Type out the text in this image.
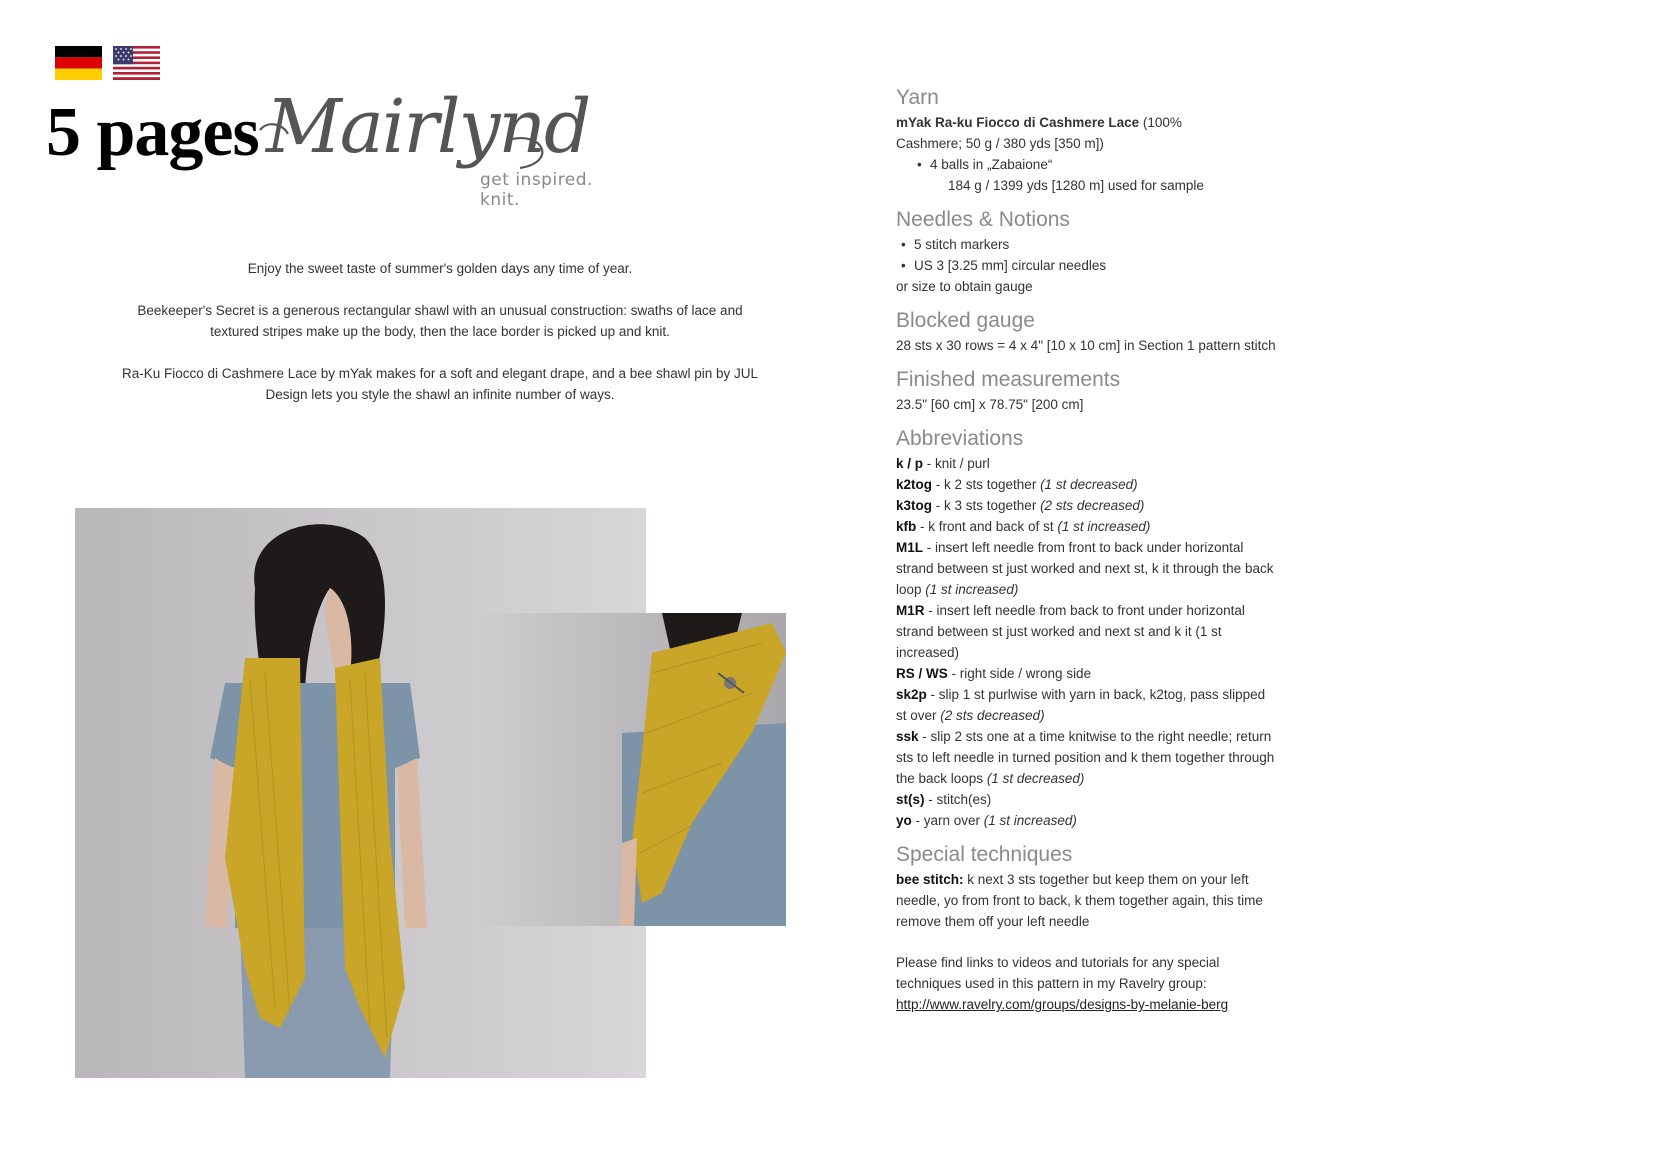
5 pages Mairlynd
get inspired. knit.

Enjoy the sweet taste of summer's golden days any time of year.

Beekeeper's Secret is a generous rectangular shawl with an unusual construction: swaths of lace and textured stripes make up the body, then the lace border is picked up and knit.

Ra-Ku Fiocco di Cashmere Lace by mYak makes for a soft and elegant drape, and a bee shawl pin by JUL Design lets you style the shawl an infinite number of ways.

Yarn

mYak Ra-ku Fiocco di Cashmere Lace (100%
Cashmere; 50 g / 380 yds [350 m])

• 4 balls in „Zabaione“
184 g / 1399 yds [1280 m] used for sample
Needles & Notions
• 5 stitch markers
• US 3 [3.25 mm] circular needles
or size to obtain gauge
Blocked gauge

28 sts x 30 rows = 4 x 4" [10 x 10 cm] in Section 1 pattern stitch

Finished measurements

23.5" [60 cm] x 78.75" [200 cm]

Abbreviations

k / p - knit / purl

k2tog - k 2 sts together (1 st decreased)

k3tog - k 3 sts together (2 sts decreased)

kfb - k front and back of st (1 st increased)

M1L - insert left needle from front to back under horizontal strand between st just worked and next st, k it through the back loop (1 st increased)

M1R - insert left needle from back to front under horizontal strand between st just worked and next st and k it (1 st increased)

RS / WS - right side / wrong side

sk2p - slip 1 st purlwise with yarn in back, k2tog, pass slipped st over (2 sts decreased)

ssk - slip 2 sts one at a time knitwise to the right needle; return sts to left needle in turned position and k them together through the back loops (1 st decreased)

st(s) - stitch(es)

yo - yarn over (1 st increased)

Special techniques

bee stitch: k next 3 sts together but keep them on your left needle, yo from front to back, k them together again, this time remove them off your left needle

Please find links to videos and tutorials for any special techniques used in this pattern in my Ravelry group:

http://www.ravelry.com/groups/designs-by-melanie-berg
